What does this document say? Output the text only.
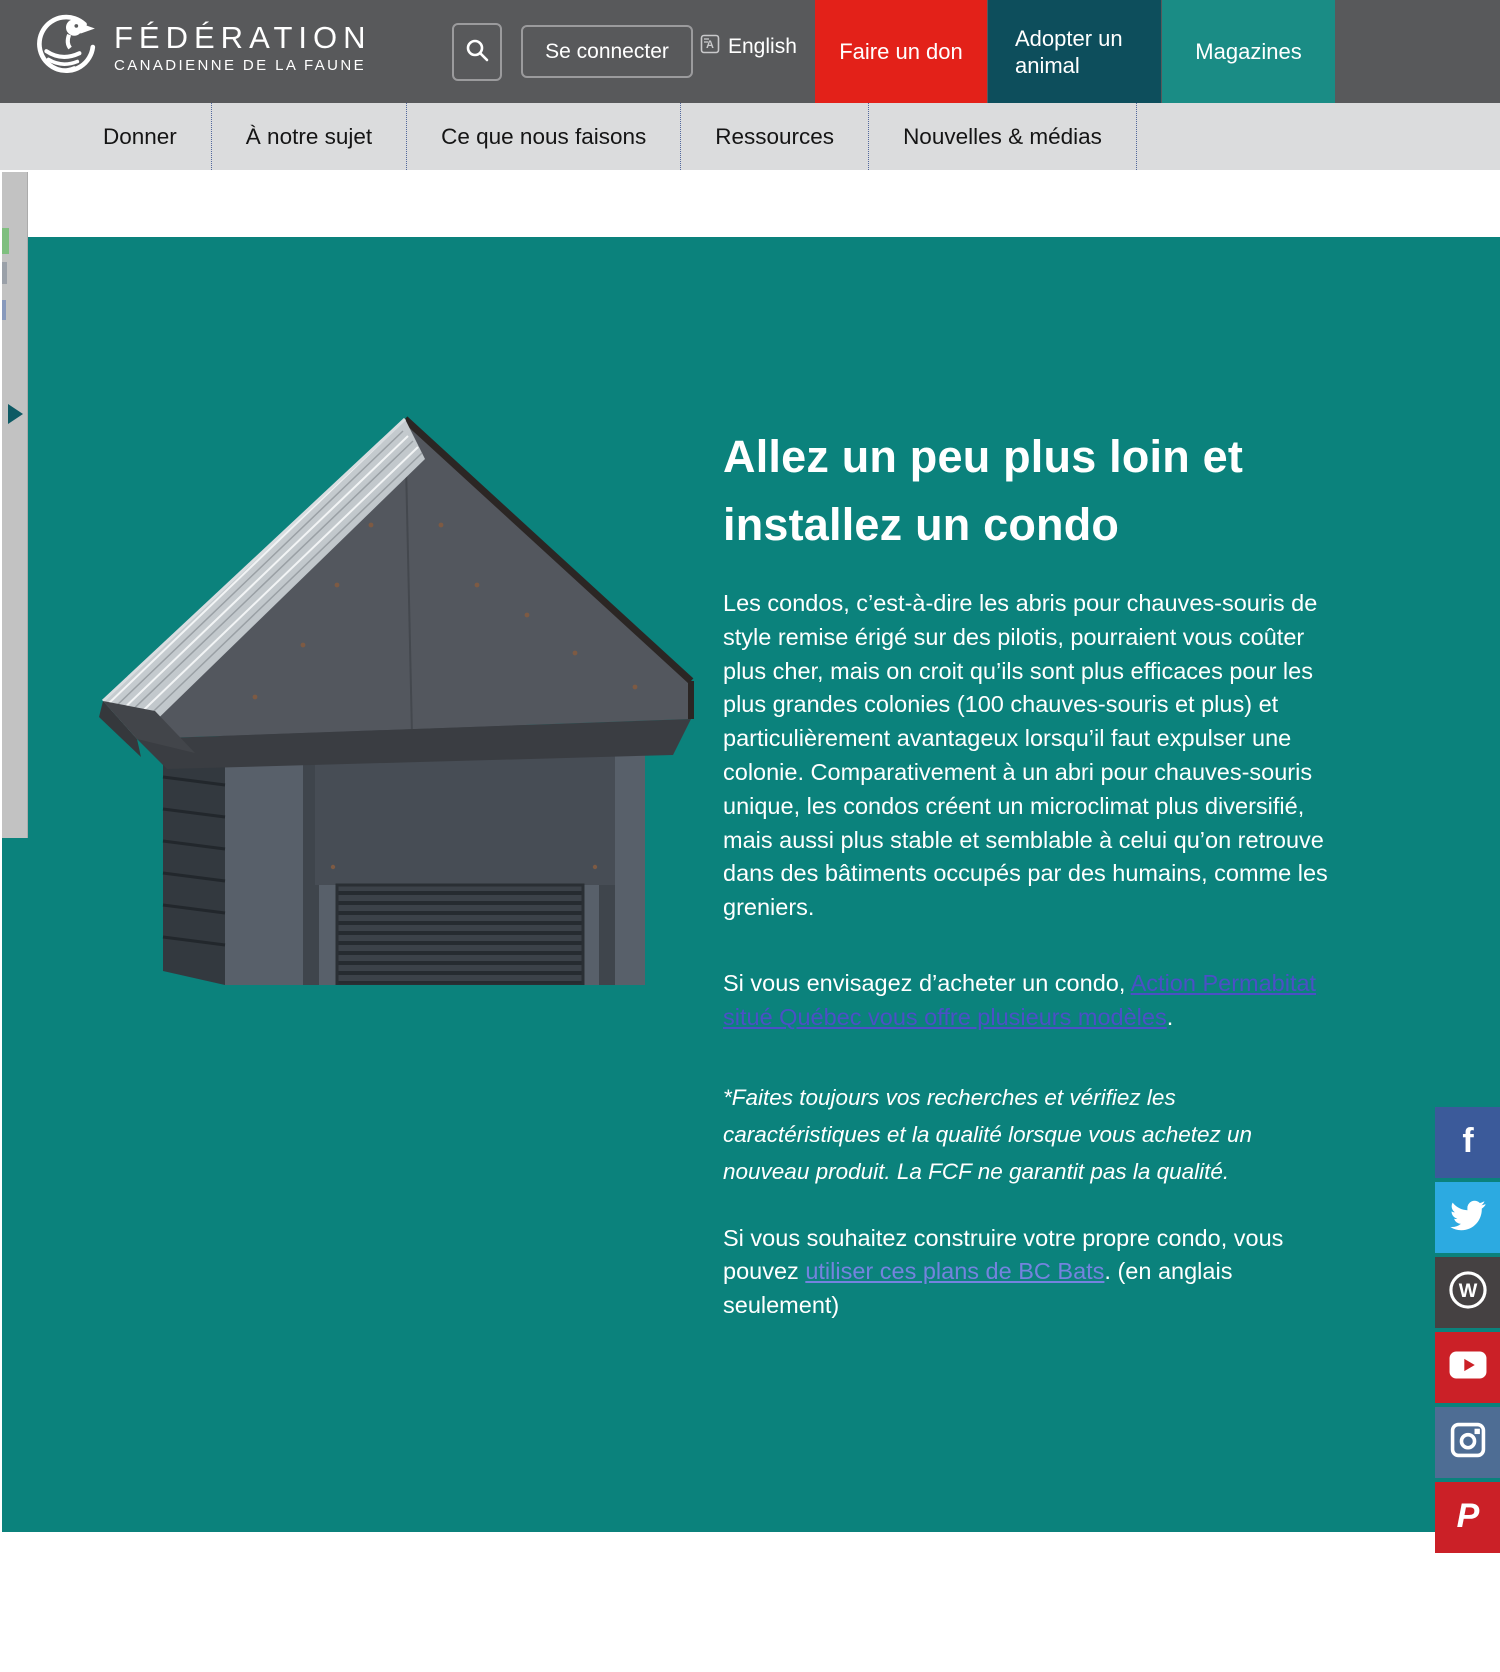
FÉDÉRATION
CANADIENNE DE LA FAUNE
Se connecter	A English Faire un don
Adopter un animal
Magazines
Donner	À notre sujet	Ce que nous faisons	Ressources	Nouvelles & médias
Allez un peu plus loin et installez un condo

Les condos, c’est-à-dire les abris pour chauves-souris de style remise érigé sur des pilotis, pourraient vous coûter plus cher, mais on croit qu’ils sont plus efficaces pour les plus grandes colonies (100 chauves-souris et plus) et particulièrement avantageux lorsqu’il faut expulser une colonie. Comparativement à un abri pour chauves-souris unique, les condos créent un microclimat plus diversifié, mais aussi plus stable et semblable à celui qu’on retrouve dans des bâtiments occupés par des humains, comme les greniers.

Si vous envisagez d’acheter un condo, Action Permabitat situé Québec vous offre plusieurs modèles.

*Faites toujours vos recherches et vérifiez les caractéristiques et la qualité lorsque vous achetez un nouveau produit. La FCF ne garantit pas la qualité.

Si vous souhaitez construire votre propre condo, vous pouvez utiliser ces plans de BC Bats. (en anglais seulement)

f
W
P
